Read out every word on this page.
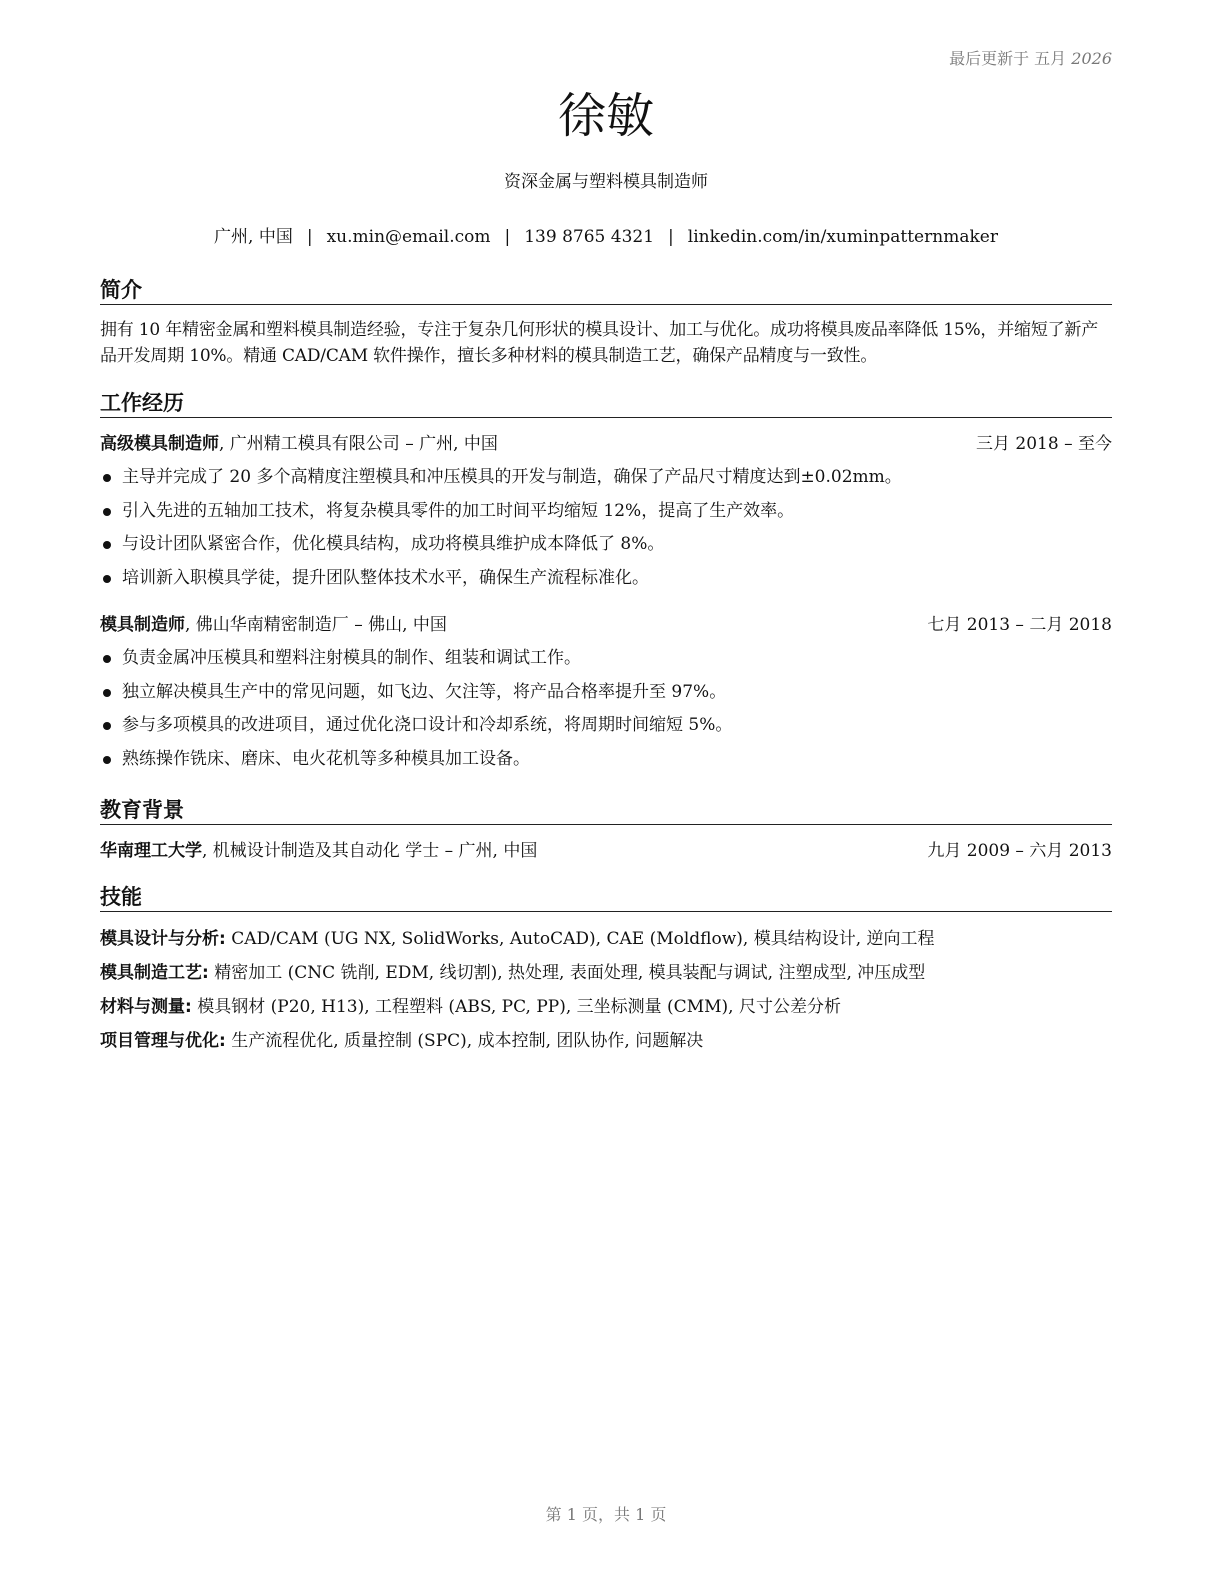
最后更新于 五月 2026
徐敏
资深金属与塑料模具制造师
广州, 中国 | xu.min@email.com | 139 8765 4321 | linkedin.com/in/xuminpatternmaker
简介
拥有 10 年精密金属和塑料模具制造经验，专注于复杂几何形状的模具设计、加工与优化。成功将模具废品率降低 15%，并缩短了新产品开发周期 10%。精通 CAD/CAM 软件操作，擅长多种材料的模具制造工艺，确保产品精度与一致性。
工作经历
高级模具制造师, 广州精工模具有限公司 – 广州, 中国	三月 2018 – 至今
主导并完成了 20 多个高精度注塑模具和冲压模具的开发与制造，确保了产品尺寸精度达到±0.02mm。
引入先进的五轴加工技术，将复杂模具零件的加工时间平均缩短 12%，提高了生产效率。
与设计团队紧密合作，优化模具结构，成功将模具维护成本降低了 8%。
培训新入职模具学徒，提升团队整体技术水平，确保生产流程标准化。
模具制造师, 佛山华南精密制造厂 – 佛山, 中国	七月 2013 – 二月 2018
负责金属冲压模具和塑料注射模具的制作、组装和调试工作。
独立解决模具生产中的常见问题，如飞边、欠注等，将产品合格率提升至 97%。
参与多项模具的改进项目，通过优化浇口设计和冷却系统，将周期时间缩短 5%。
熟练操作铣床、磨床、电火花机等多种模具加工设备。
教育背景
华南理工大学, 机械设计制造及其自动化 学士 – 广州, 中国	九月 2009 – 六月 2013
技能
模具设计与分析: CAD/CAM (UG NX, SolidWorks, AutoCAD), CAE (Moldflow), 模具结构设计, 逆向工程
模具制造工艺: 精密加工 (CNC 铣削, EDM, 线切割), 热处理, 表面处理, 模具装配与调试, 注塑成型, 冲压成型
材料与测量: 模具钢材 (P20, H13), 工程塑料 (ABS, PC, PP), 三坐标测量 (CMM), 尺寸公差分析
项目管理与优化: 生产流程优化, 质量控制 (SPC), 成本控制, 团队协作, 问题解决
第 1 页，共 1 页
